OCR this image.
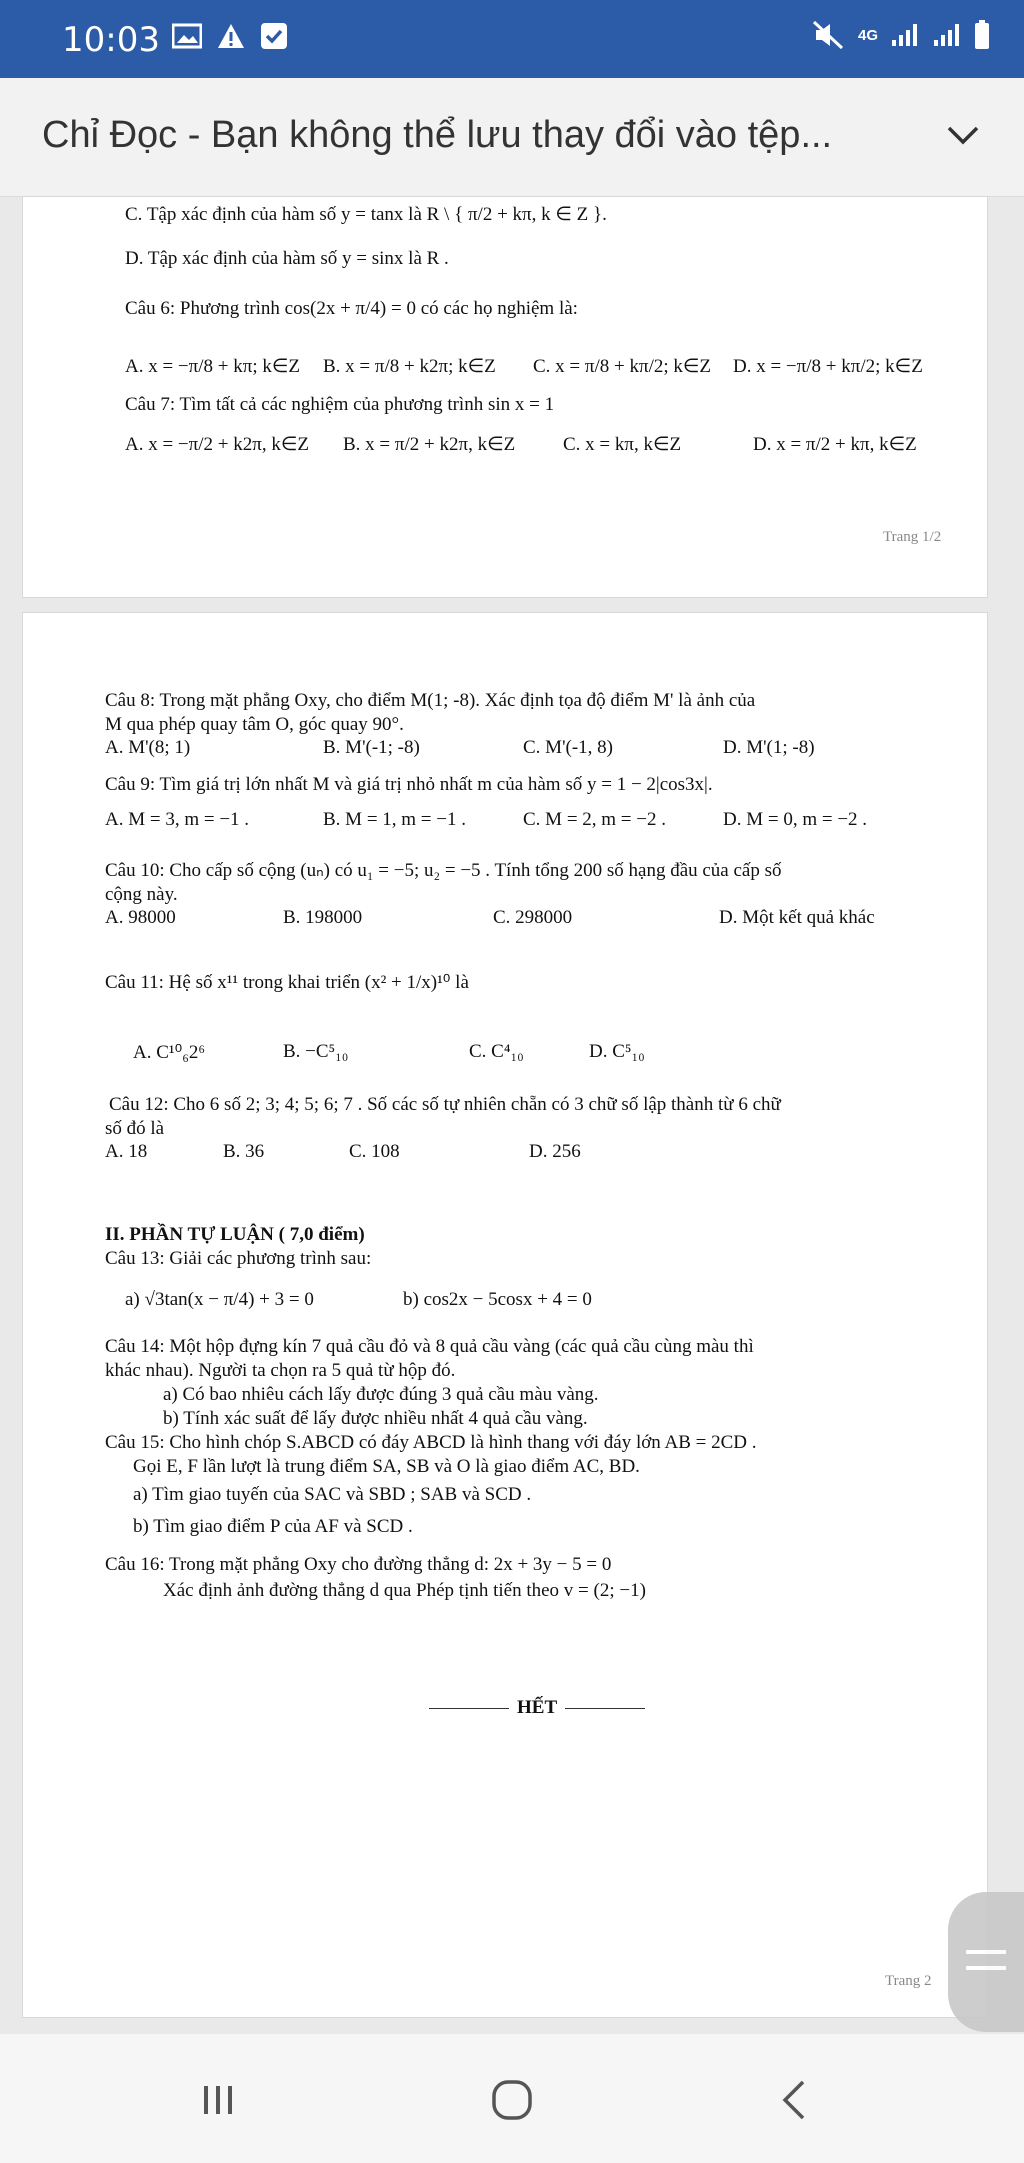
10:03	4G
Chỉ Đọc - Bạn không thể lưu thay đổi vào tệp...
C. Tập xác định của hàm số y = tanx là R \ { π/2 + kπ, k ∈ Z }.
D. Tập xác định của hàm số y = sinx là R .
Câu 6: Phương trình cos(2x + π/4) = 0 có các họ nghiệm là:
A. x = −π/8 + kπ; k∈Z B. x = π/8 + k2π; k∈Z C. x = π/8 + kπ/2; k∈Z D. x = −π/8 + kπ/2; k∈Z
Câu 7: Tìm tất cả các nghiệm của phương trình sin x = 1
A. x = −π/2 + k2π, k∈Z B. x = π/2 + k2π, k∈Z	C. x = kπ, k∈Z	D. x = π/2 + kπ, k∈Z
Trang 1/2
Câu 8: Trong mặt phẳng Oxy, cho điểm M(1; -8). Xác định tọa độ điểm M' là ảnh của
M qua phép quay tâm O, góc quay 90°.
A. M'(8; 1)	B. M'(-1; -8)	C. M'(-1, 8)	D. M'(1; -8)
Câu 9: Tìm giá trị lớn nhất M và giá trị nhỏ nhất m của hàm số y = 1 − 2|cos3x|.
A. M = 3, m = −1 .	B. M = 1, m = −1 .	C. M = 2, m = −2 .	D. M = 0, m = −2 .
Câu 10: Cho cấp số cộng (uₙ) có u₁ = −5; u₂ = −5 . Tính tổng 200 số hạng đầu của cấp số
cộng này.
A. 98000	B. 198000	C. 298000	D. Một kết quả khác
Câu 11: Hệ số x¹¹ trong khai triển (x² + 1/x)¹⁰ là
A. C¹⁰₆2⁶	B. −C⁵₁₀	C. C⁴₁₀	D. C⁵₁₀
Câu 12: Cho 6 số 2; 3; 4; 5; 6; 7 . Số các số tự nhiên chẵn có 3 chữ số lập thành từ 6 chữ
số đó là
A. 18	B. 36	C. 108	D. 256
II. PHẦN TỰ LUẬN ( 7,0 điểm)
Câu 13: Giải các phương trình sau:
a) √3tan(x − π/4) + 3 = 0	b) cos2x − 5cosx + 4 = 0
Câu 14: Một hộp đựng kín 7 quả cầu đỏ và 8 quả cầu vàng (các quả cầu cùng màu thì
khác nhau). Người ta chọn ra 5 quả từ hộp đó.
a) Có bao nhiêu cách lấy được đúng 3 quả cầu màu vàng.
b) Tính xác suất để lấy được nhiều nhất 4 quả cầu vàng.
Câu 15: Cho hình chóp S.ABCD có đáy ABCD là hình thang với đáy lớn AB = 2CD .
Gọi E, F lần lượt là trung điểm SA, SB và O là giao điểm AC, BD.
a) Tìm giao tuyến của SAC và SBD ; SAB và SCD .
b) Tìm giao điểm P của AF và SCD .
Câu 16: Trong mặt phẳng Oxy cho đường thẳng d: 2x + 3y − 5 = 0
Xác định ảnh đường thẳng d qua Phép tịnh tiến theo v = (2; −1)
HẾT
Trang 2
